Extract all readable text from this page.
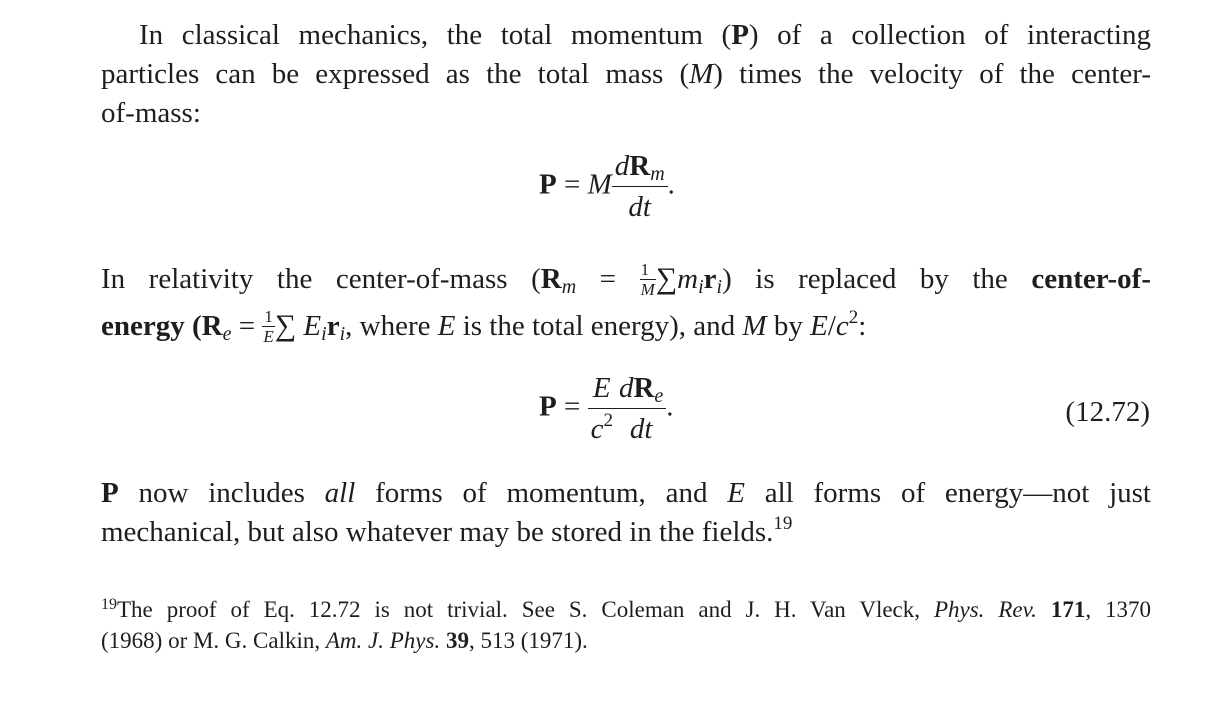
In classical mechanics, the total momentum (P) of a collection of interacting
particles can be expressed as the total mass (M) times the velocity of the center-
of-mass:
P = M $\frac{dR_m}{dt}$ .
In relativity the center-of-mass $(R_m = \frac{1}{M} \sum m_ir_i)$ is replaced by the center-of-
energy ($R_e = \frac{1}{E}$ ∑ $E_ir_i$, where E is the total energy), and M by E/c$^2$:
$P = \frac{E}{c^2} \frac{dR_e}{dt}$ .	(12.72)
P now includes all forms of momentum, and E all forms of energy—not just
mechanical, but also whatever may be stored in the fields.$^{19}$
$^{19}$The proof of Eq. 12.72 is not trivial. See S. Coleman and J. H. Van Vleck, Phys. Rev. 171, 1370
(1968) or M. G. Calkin, Am. J. Phys. 39, 513 (1971).
